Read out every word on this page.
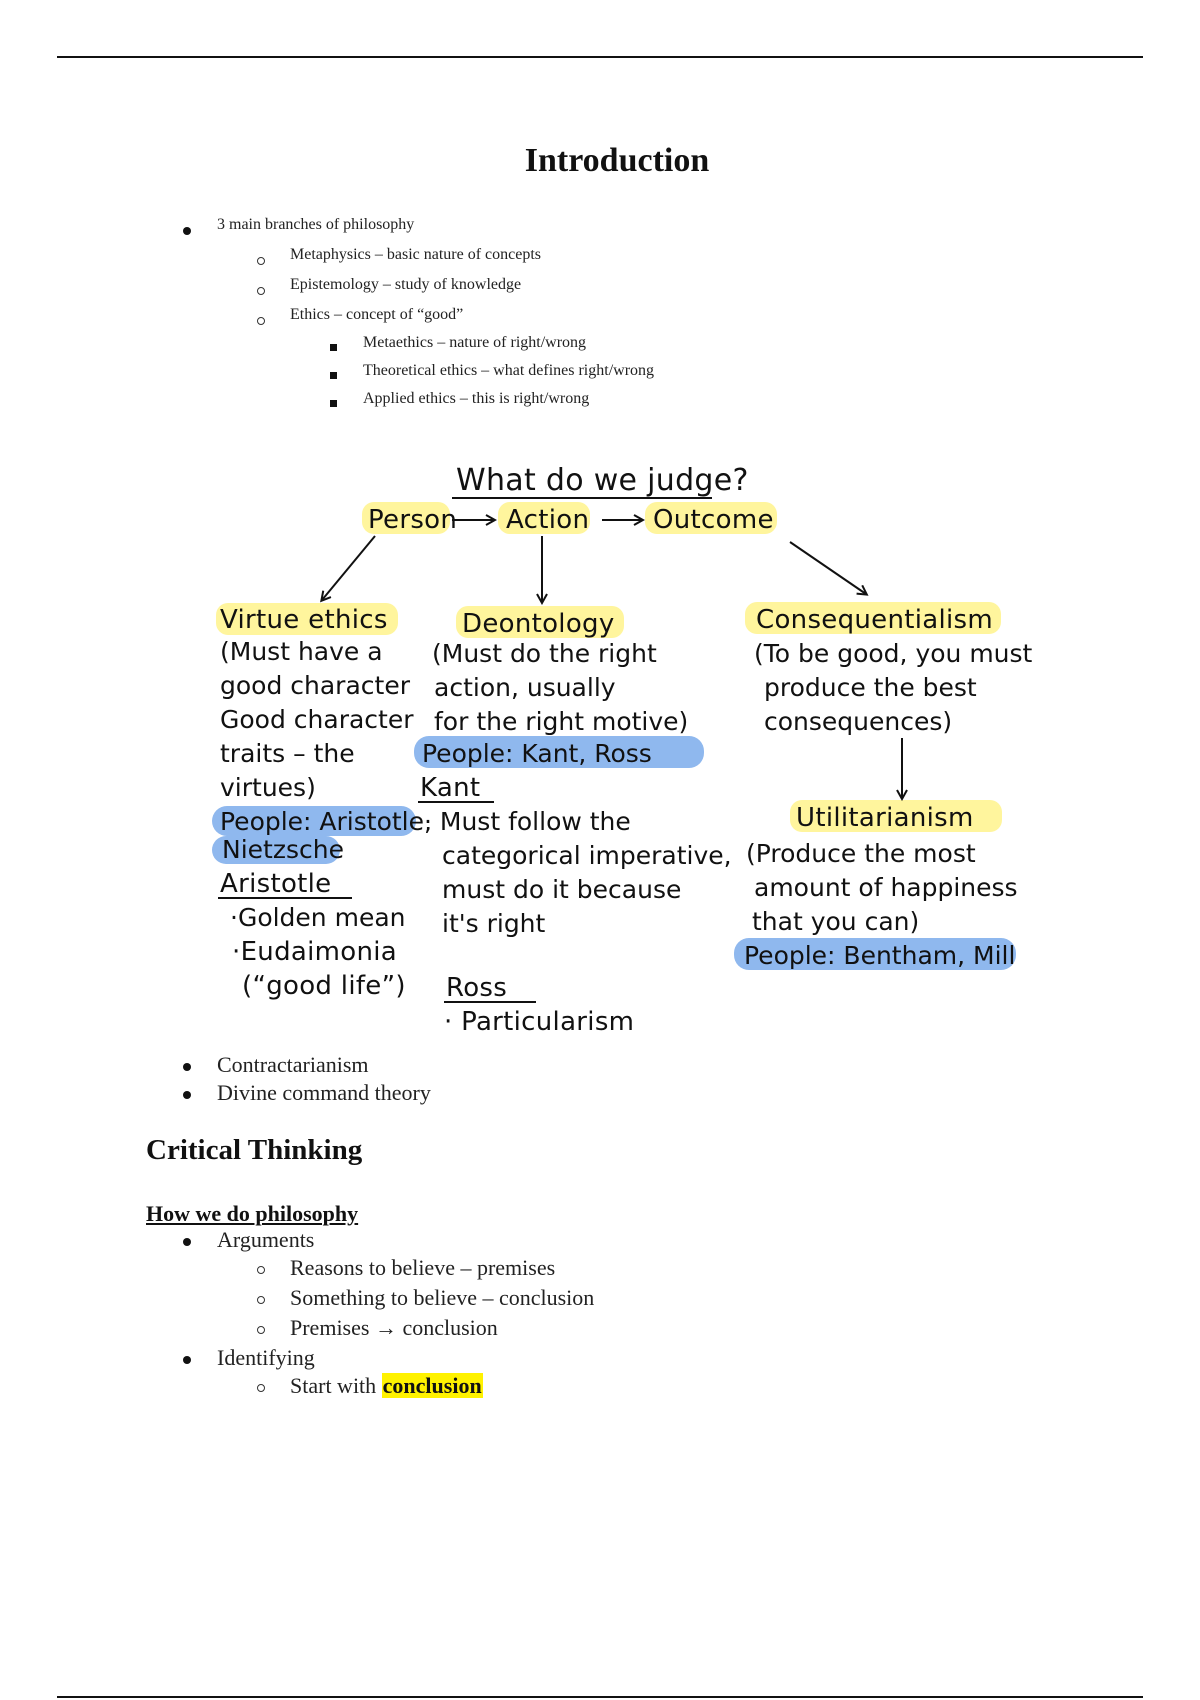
Introduction
3 main branches of philosophy
Metaphysics – basic nature of concepts
Epistemology – study of knowledge
Ethics – concept of “good”
Metaethics – nature of right/wrong
Theoretical ethics – what defines right/wrong
Applied ethics – this is right/wrong
What do we judge?
Person Action Outcome
Virtue ethics
(Must have a
good character
Good character
traits – the
virtues)
People: Aristotle,
Nietzsche
Aristotle
·Golden mean
·Eudaimonia
(“good life”)
Deontology
(Must do the right
action, usually
for the right motive)
People: Kant, Ross
Kant
· Must follow the
categorical imperative,
must do it because
it's right
Ross
· Particularism
Consequentialism
(To be good, you must
produce the best
consequences)
Utilitarianism
(Produce the most
amount of happiness
that you can)
People: Bentham, Mill
Contractarianism
Divine command theory
Critical Thinking
How we do philosophy
Arguments
Reasons to believe – premises
Something to believe – conclusion
Premises → conclusion
Identifying
Start with conclusion
